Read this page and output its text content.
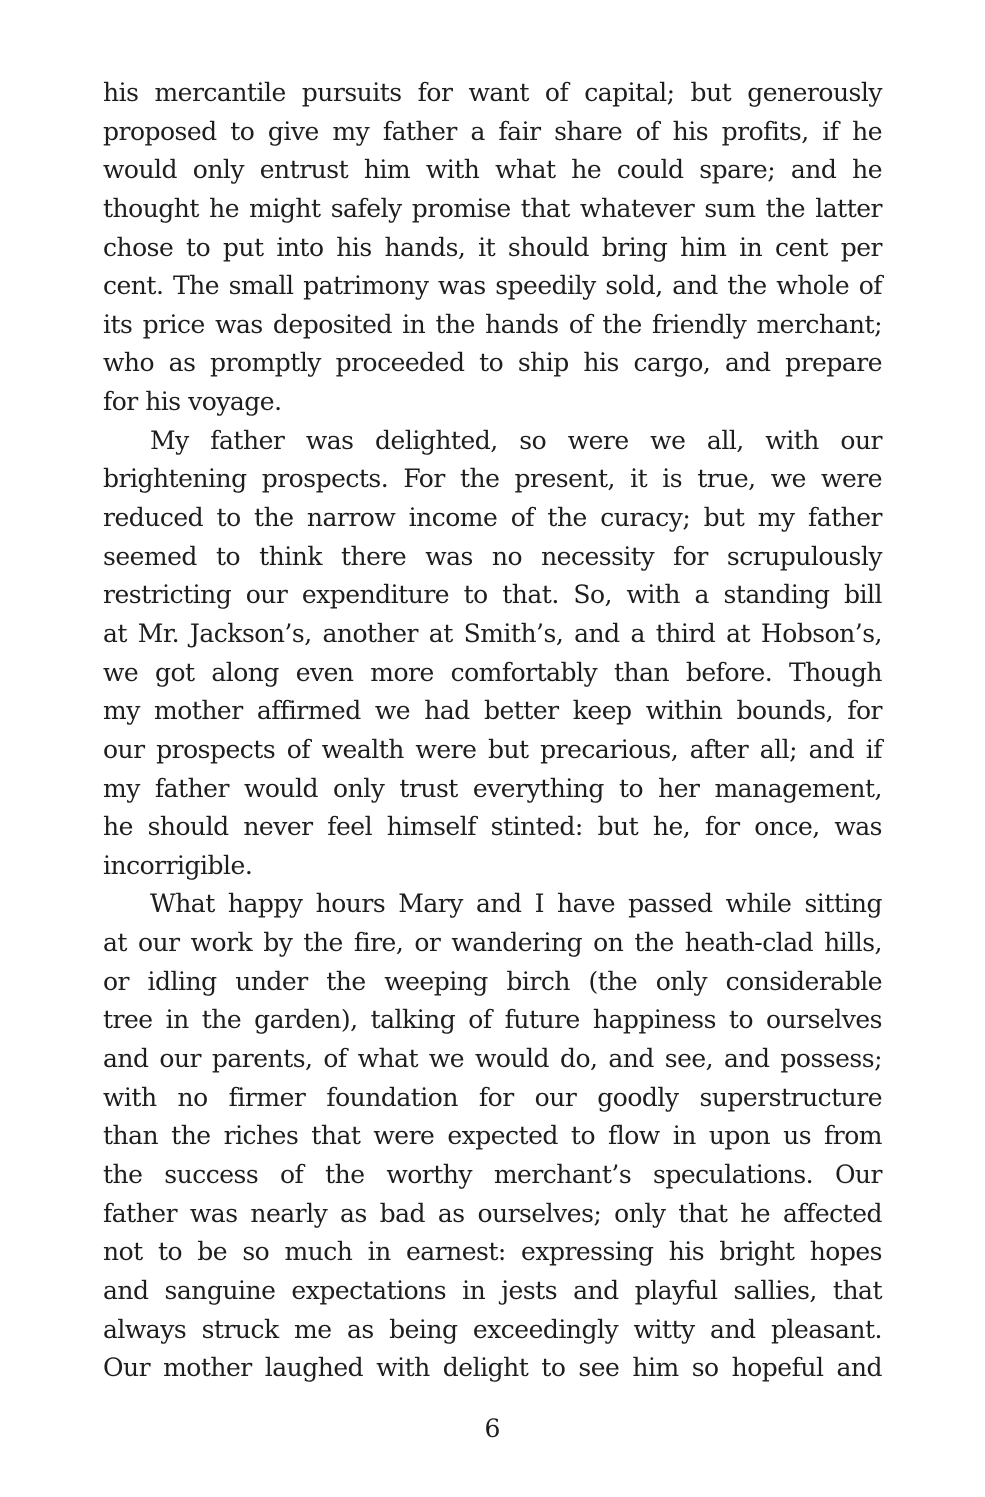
his mercantile pursuits for want of capital; but generously
proposed to give my father a fair share of his profits, if he
would only entrust him with what he could spare; and he
thought he might safely promise that whatever sum the latter
chose to put into his hands, it should bring him in cent per
cent. The small patrimony was speedily sold, and the whole of
its price was deposited in the hands of the friendly merchant;
who as promptly proceeded to ship his cargo, and prepare
for his voyage.
My father was delighted, so were we all, with our
brightening prospects. For the present, it is true, we were
reduced to the narrow income of the curacy; but my father
seemed to think there was no necessity for scrupulously
restricting our expenditure to that. So, with a standing bill
at Mr. Jackson’s, another at Smith’s, and a third at Hobson’s,
we got along even more comfortably than before. Though
my mother affirmed we had better keep within bounds, for
our prospects of wealth were but precarious, after all; and if
my father would only trust everything to her management,
he should never feel himself stinted: but he, for once, was
incorrigible.
What happy hours Mary and I have passed while sitting
at our work by the fire, or wandering on the heath-clad hills,
or idling under the weeping birch (the only considerable
tree in the garden), talking of future happiness to ourselves
and our parents, of what we would do, and see, and possess;
with no firmer foundation for our goodly superstructure
than the riches that were expected to flow in upon us from
the success of the worthy merchant’s speculations. Our
father was nearly as bad as ourselves; only that he affected
not to be so much in earnest: expressing his bright hopes
and sanguine expectations in jests and playful sallies, that
always struck me as being exceedingly witty and pleasant.
Our mother laughed with delight to see him so hopeful and
6
